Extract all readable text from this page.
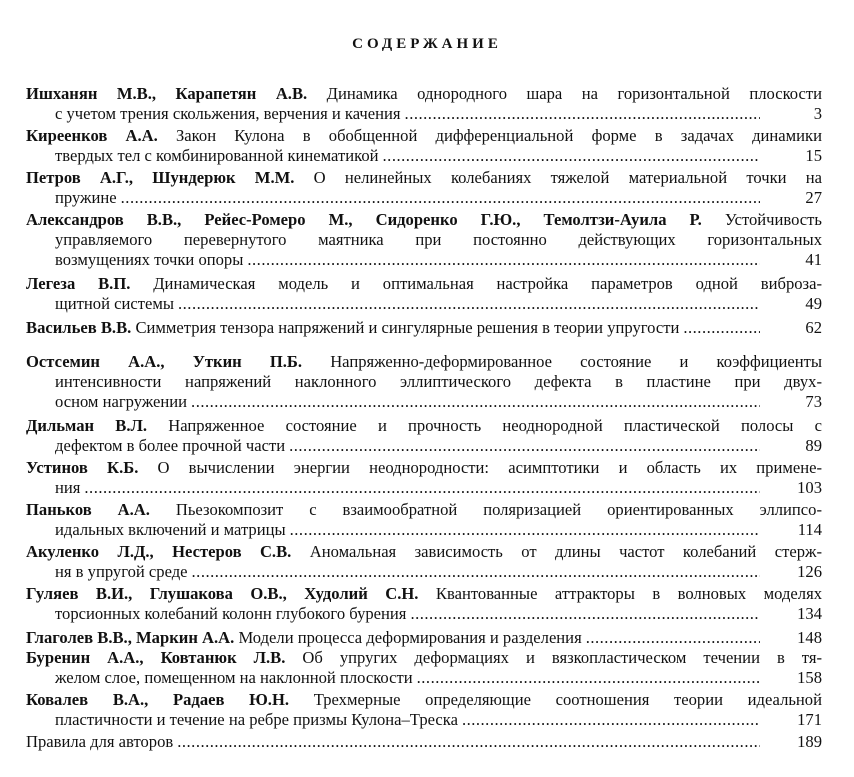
СОДЕРЖАНИЕ
Ишханян М.В., Карапетян А.В. Динамика однородного шара на горизонтальной плоскости
с учетом трения скольжения, верчения и качения .....	3
Киреенков А.А. Закон Кулона в обобщенной дифференциальной форме в задачах динамики
твердых тел с комбинированной кинематикой .....	15
Петров А.Г., Шундерюк М.М. О нелинейных колебаниях тяжелой материальной точки на
пружине .....	27
Александров В.В., Рейес-Ромеро М., Сидоренко Г.Ю., Темолтзи-Ауила Р. Устойчивость
управляемого перевернутого маятника при постоянно действующих горизонтальных
возмущениях точки опоры .....	41
Легеза В.П. Динамическая модель и оптимальная настройка параметров одной виброза-
щитной системы .....	49
Васильев В.В. Симметрия тензора напряжений и сингулярные решения в теории упругости .....	62
Остсемин А.А., Уткин П.Б. Напряженно-деформированное состояние и коэффициенты
интенсивности напряжений наклонного эллиптического дефекта в пластине при двух-
осном нагружении .....	73
Дильман В.Л. Напряженное состояние и прочность неоднородной пластической полосы с
дефектом в более прочной части .....	89
Устинов К.Б. О вычислении энергии неоднородности: асимптотики и область их примене-
ния .....	103
Паньков А.А. Пьезокомпозит с взаимообратной поляризацией ориентированных эллипсо-
идальных включений и матрицы .....	114
Акуленко Л.Д., Нестеров С.В. Аномальная зависимость от длины частот колебаний стерж-
ня в упругой среде .....	126
Гуляев В.И., Глушакова О.В., Худолий С.Н. Квантованные аттракторы в волновых моделях
торсионных колебаний колонн глубокого бурения .....	134
Глаголев В.В., Маркин А.А. Модели процесса деформирования и разделения .....	148
Буренин А.А., Ковтанюк Л.В. Об упругих деформациях и вязкопластическом течении в тя-
желом слое, помещенном на наклонной плоскости .....	158
Ковалев В.А., Радаев Ю.Н. Трехмерные определяющие соотношения теории идеальной
пластичности и течение на ребре призмы Кулона–Треска .....	171
Правила для авторов .....	189
